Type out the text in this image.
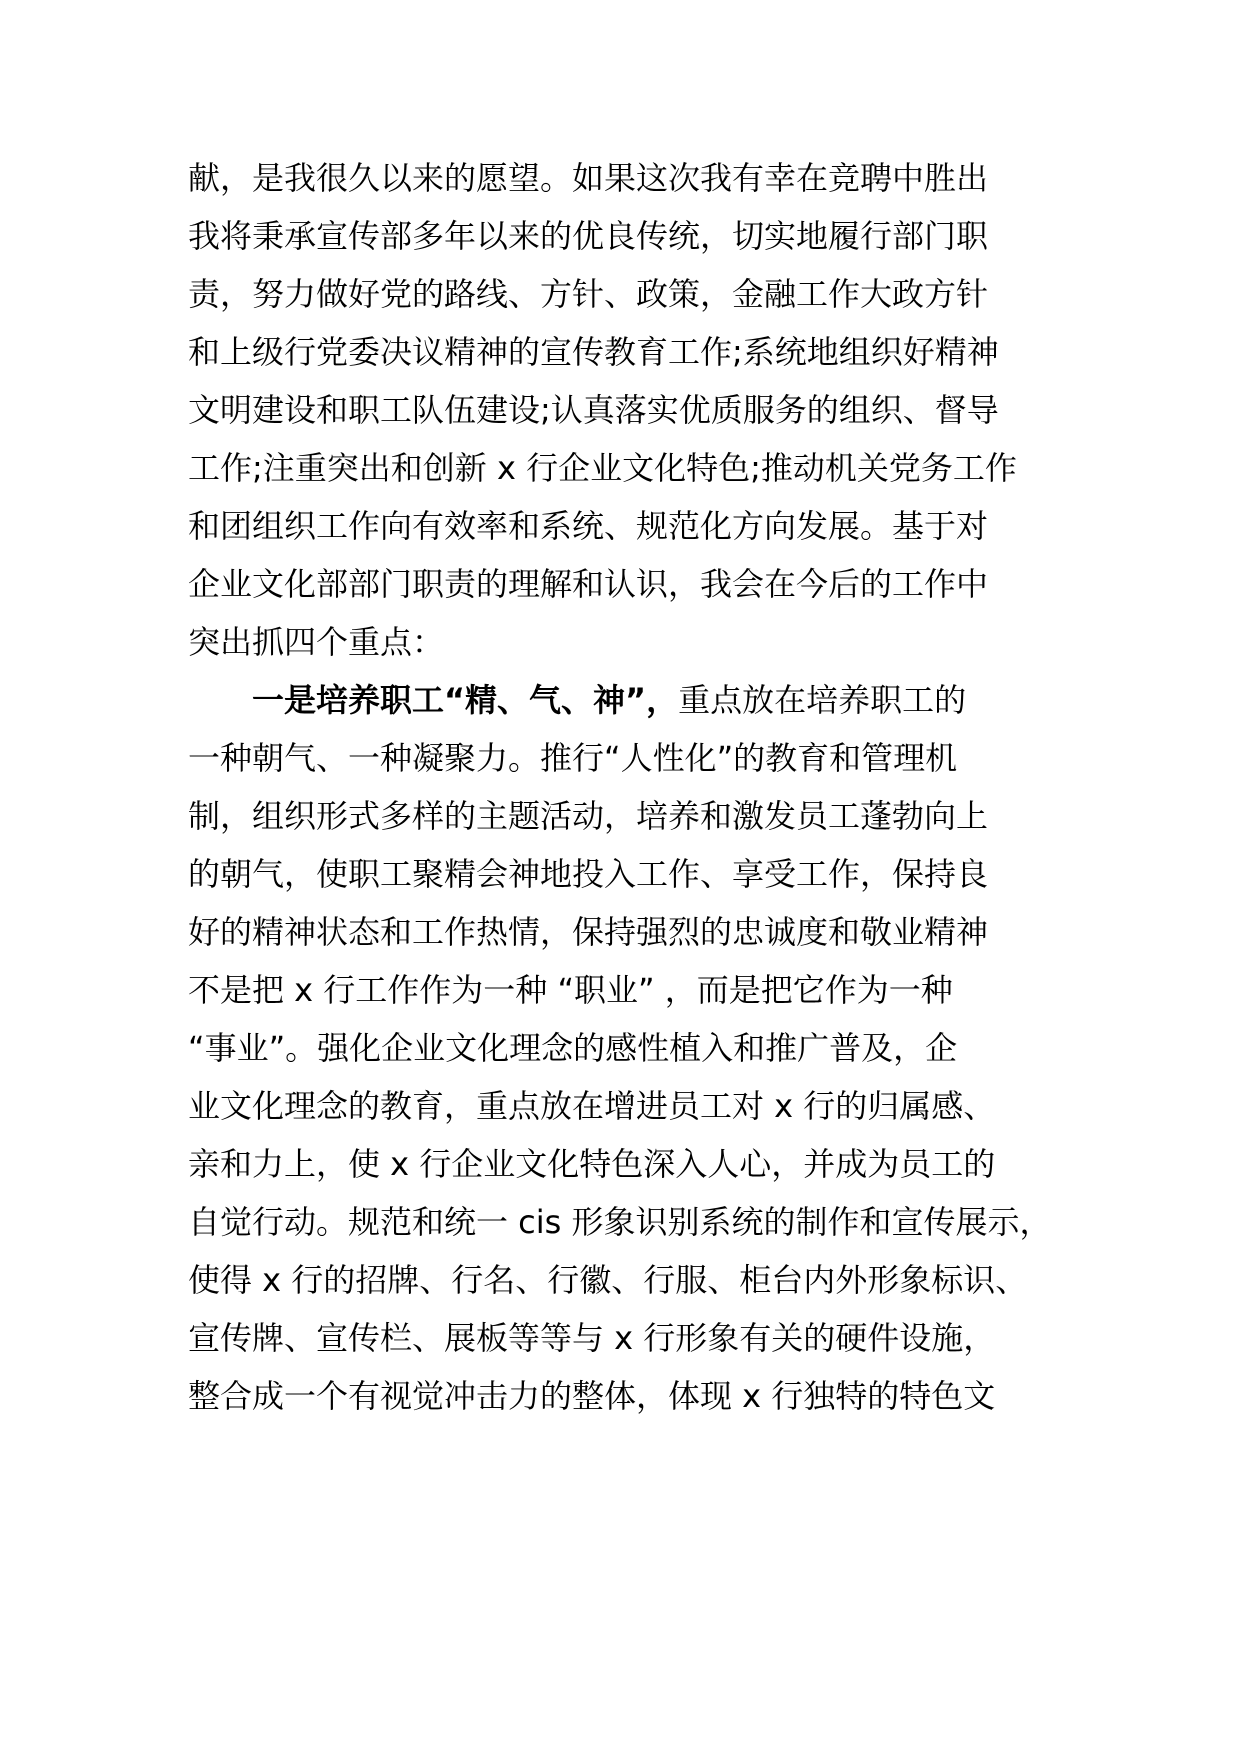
献，是我很久以来的愿望。如果这次我有幸在竞聘中胜出
我将秉承宣传部多年以来的优良传统，切实地履行部门职
责，努力做好党的路线、方针、政策，金融工作大政方针
和上级行党委决议精神的宣传教育工作;系统地组织好精神
文明建设和职工队伍建设;认真落实优质服务的组织、督导
工作;注重突出和创新 x 行企业文化特色;推动机关党务工作
和团组织工作向有效率和系统、规范化方向发展。基于对
企业文化部部门职责的理解和认识，我会在今后的工作中
突出抓四个重点：
一是培养职工“精、气、神”，重点放在培养职工的
一种朝气、一种凝聚力。推行“人性化”的教育和管理机
制，组织形式多样的主题活动，培养和激发员工蓬勃向上
的朝气，使职工聚精会神地投入工作、享受工作，保持良
好的精神状态和工作热情，保持强烈的忠诚度和敬业精神
不是把 x 行工作作为一种 “职业” ，而是把它作为一种
“事业”。强化企业文化理念的感性植入和推广普及，企
业文化理念的教育，重点放在增进员工对 x 行的归属感、
亲和力上，使 x 行企业文化特色深入人心，并成为员工的
自觉行动。规范和统一 cis 形象识别系统的制作和宣传展示，
使得 x 行的招牌、行名、行徽、行服、柜台内外形象标识、
宣传牌、宣传栏、展板等等与 x 行形象有关的硬件设施，
整合成一个有视觉冲击力的整体，体现 x 行独特的特色文
